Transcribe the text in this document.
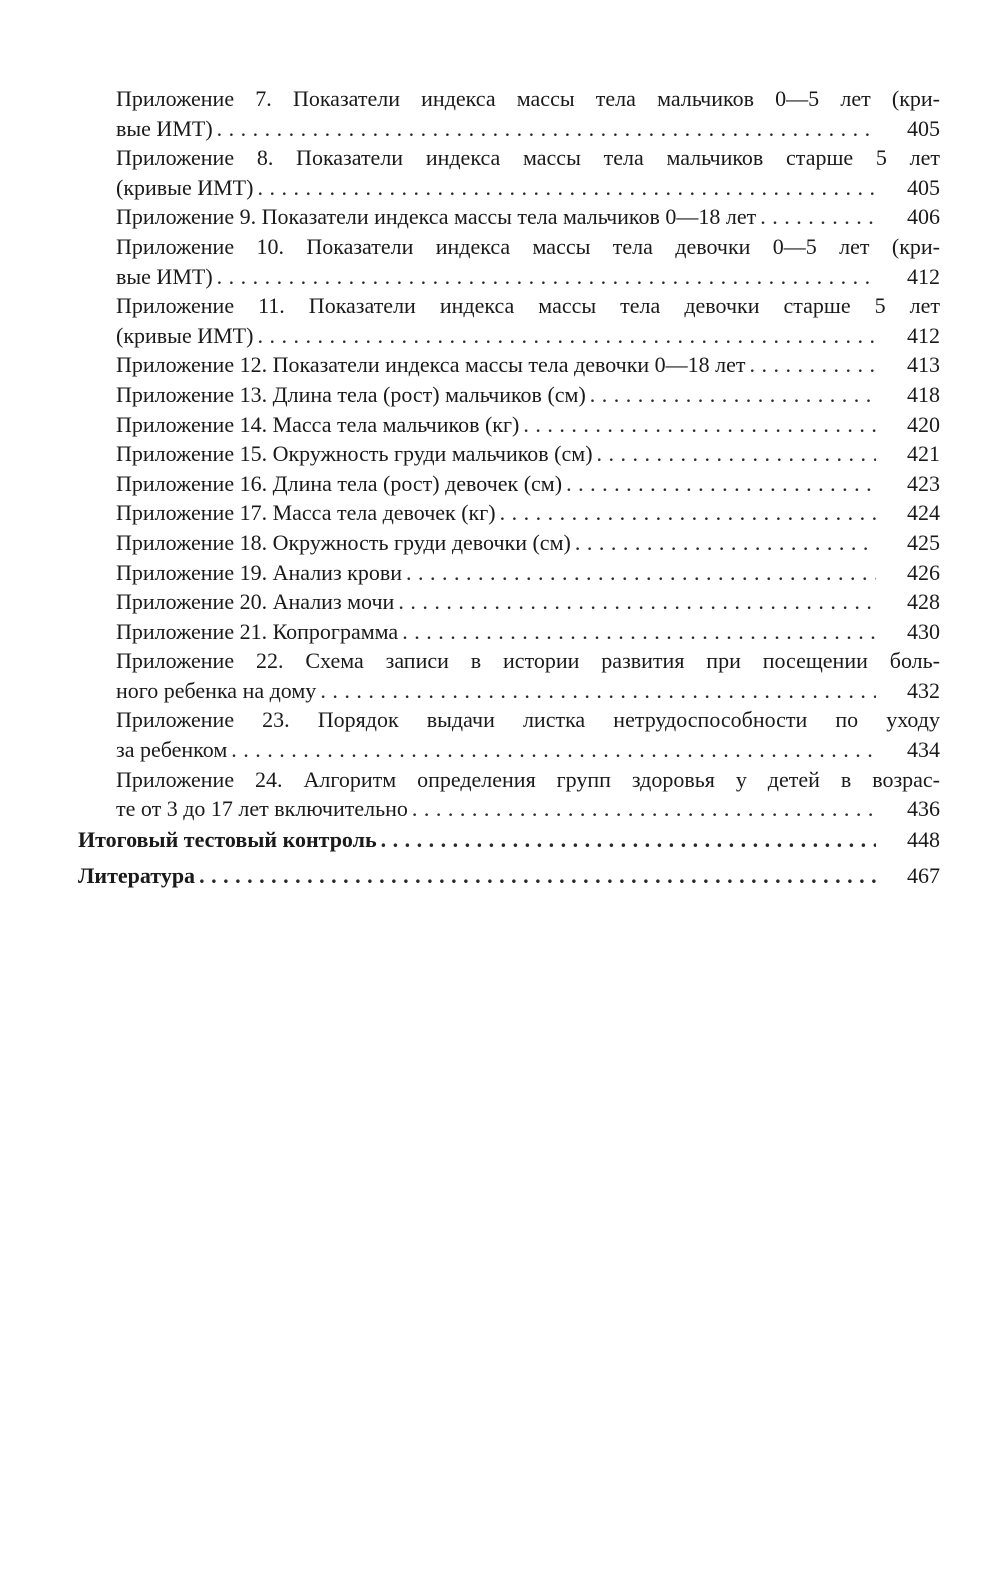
Приложение 7. Показатели индекса массы тела мальчиков 0—5 лет (кри-
вые ИМТ) . . .	405
Приложение 8. Показатели индекса массы тела мальчиков старше 5 лет
(кривые ИМТ) . . .	405
Приложение 9. Показатели индекса массы тела мальчиков 0—18 лет . . .	406
Приложение 10. Показатели индекса массы тела девочки 0—5 лет (кри-
вые ИМТ) . . .	412
Приложение 11. Показатели индекса массы тела девочки старше 5 лет
(кривые ИМТ) . . .	412
Приложение 12. Показатели индекса массы тела девочки 0—18 лет . . .	413
Приложение 13. Длина тела (рост) мальчиков (см) . . .	418
Приложение 14. Масса тела мальчиков (кг) . . .	420
Приложение 15. Окружность груди мальчиков (см) . . .	421
Приложение 16. Длина тела (рост) девочек (см) . . .	423
Приложение 17. Масса тела девочек (кг) . . .	424
Приложение 18. Окружность груди девочки (см) . . .	425
Приложение 19. Анализ крови . . .	426
Приложение 20. Анализ мочи . . .	428
Приложение 21. Копрограмма . . .	430
Приложение 22. Схема записи в истории развития при посещении боль-
ного ребенка на дому . . .	432
Приложение 23. Порядок выдачи листка нетрудоспособности по уходу
за ребенком . . .	434
Приложение 24. Алгоритм определения групп здоровья у детей в возрас-
те от 3 до 17 лет включительно . . .	436
Итоговый тестовый контроль . . .	448
Литература . . .	467
